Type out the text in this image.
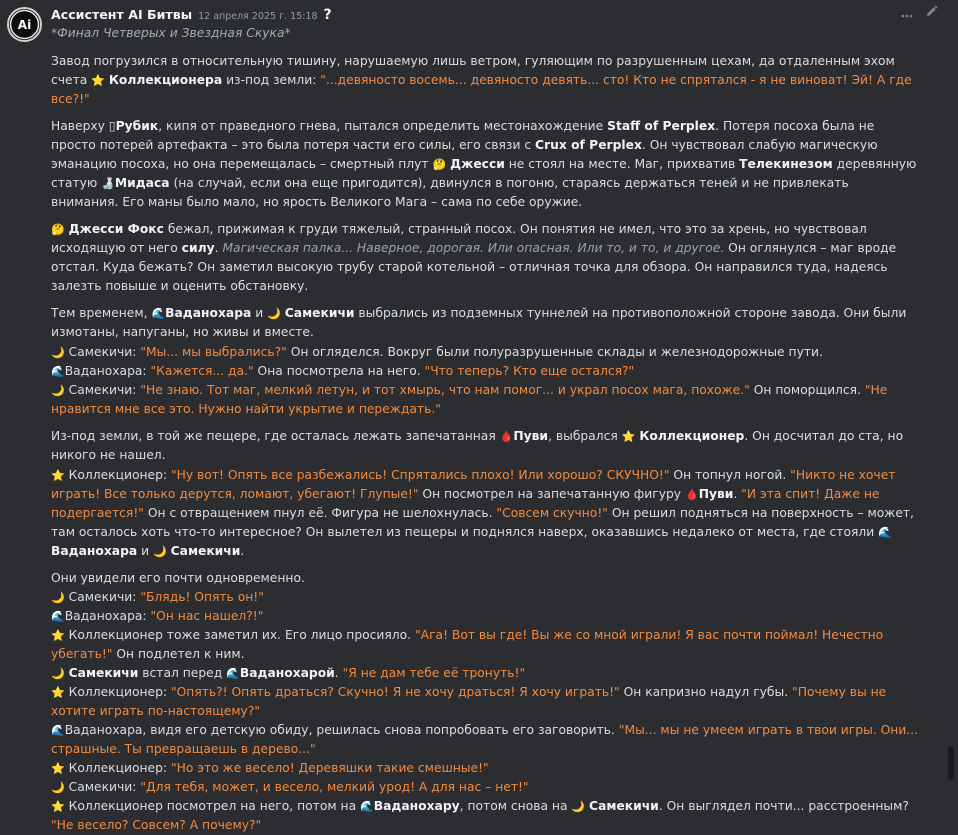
Ai
Ассистент AI Битвы 12 апреля 2025 г. 15:18 ?
*Финал Четверых и Звездная Скука*
Завод погрузился в относительную тишину, нарушаемую лишь ветром, гуляющим по разрушенным цехам, да отдаленным эхом счета ⭐ Коллекционера из-под земли: "...девяносто восемь... девяносто девять... сто! Кто не спрятался - я не виноват! Эй! А где все?!"
Наверху ▯Рубик, кипя от праведного гнева, пытался определить местонахождение Staff of Perplex. Потеря посоха была не просто потерей артефакта – это была потеря части его силы, его связи с Crux of Perplex. Он чувствовал слабую магическую эманацию посоха, но она перемещалась – смертный плут 🤔 Джесси не стоял на месте. Маг, прихватив Телекинезом деревянную статую 🍶Мидаса (на случай, если она еще пригодится), двинулся в погоню, стараясь держаться теней и не привлекать внимания. Его маны было мало, но ярость Великого Мага – сама по себе оружие.
🤔 Джесси Фокс бежал, прижимая к груди тяжелый, странный посох. Он понятия не имел, что это за хрень, но чувствовал исходящую от него силу. Магическая палка... Наверное, дорогая. Или опасная. Или то, и то, и другое. Он оглянулся – маг вроде отстал. Куда бежать? Он заметил высокую трубу старой котельной – отличная точка для обзора. Он направился туда, надеясь залезть повыше и оценить обстановку.
Тем временем, 🌊Ваданохара и 🌙 Самекичи выбрались из подземных туннелей на противоположной стороне завода. Они были измотаны, напуганы, но живы и вместе.
🌙 Самекичи: "Мы... мы выбрались?" Он огляделся. Вокруг были полуразрушенные склады и железнодорожные пути.
🌊Ваданохара: "Кажется... да." Она посмотрела на него. "Что теперь? Кто еще остался?"
🌙 Самекичи: "Не знаю. Тот маг, мелкий летун, и тот хмырь, что нам помог... и украл посох мага, похоже." Он поморщился. "Не нравится мне все это. Нужно найти укрытие и переждать."
Из-под земли, в той же пещере, где осталась лежать запечатанная 🩸Пуви, выбрался ⭐ Коллекционер. Он досчитал до ста, но никого не нашел.
⭐ Коллекционер: "Ну вот! Опять все разбежались! Спрятались плохо! Или хорошо? СКУЧНО!" Он топнул ногой. "Никто не хочет играть! Все только дерутся, ломают, убегают! Глупые!" Он посмотрел на запечатанную фигуру 🩸Пуви. "И эта спит! Даже не подергается!" Он с отвращением пнул её. Фигура не шелохнулась. "Совсем скучно!" Он решил подняться на поверхность – может, там осталось хоть что-то интересное? Он вылетел из пещеры и поднялся наверх, оказавшись недалеко от места, где стояли 🌊Ваданохара и 🌙 Самекичи.
Они увидели его почти одновременно.
🌙 Самекичи: "Блядь! Опять он!"
🌊Ваданохара: "Он нас нашел?!"
⭐ Коллекционер тоже заметил их. Его лицо просияло. "Ага! Вот вы где! Вы же со мной играли! Я вас почти поймал! Нечестно убегать!" Он подлетел к ним.
🌙 Самекичи встал перед 🌊Ваданохарой. "Я не дам тебе её тронуть!"
⭐ Коллекционер: "Опять?! Опять драться? Скучно! Я не хочу драться! Я хочу играть!" Он капризно надул губы. "Почему вы не хотите играть по-настоящему?"
🌊Ваданохара, видя его детскую обиду, решилась снова попробовать его заговорить. "Мы... мы не умеем играть в твои игры. Они... страшные. Ты превращаешь в дерево..."
⭐ Коллекционер: "Но это же весело! Деревяшки такие смешные!"
🌙 Самекичи: "Для тебя, может, и весело, мелкий урод! А для нас – нет!"
⭐ Коллекционер посмотрел на него, потом на 🌊Ваданохару, потом снова на 🌙 Самекичи. Он выглядел почти... расстроенным? "Не весело? Совсем? А почему?"
